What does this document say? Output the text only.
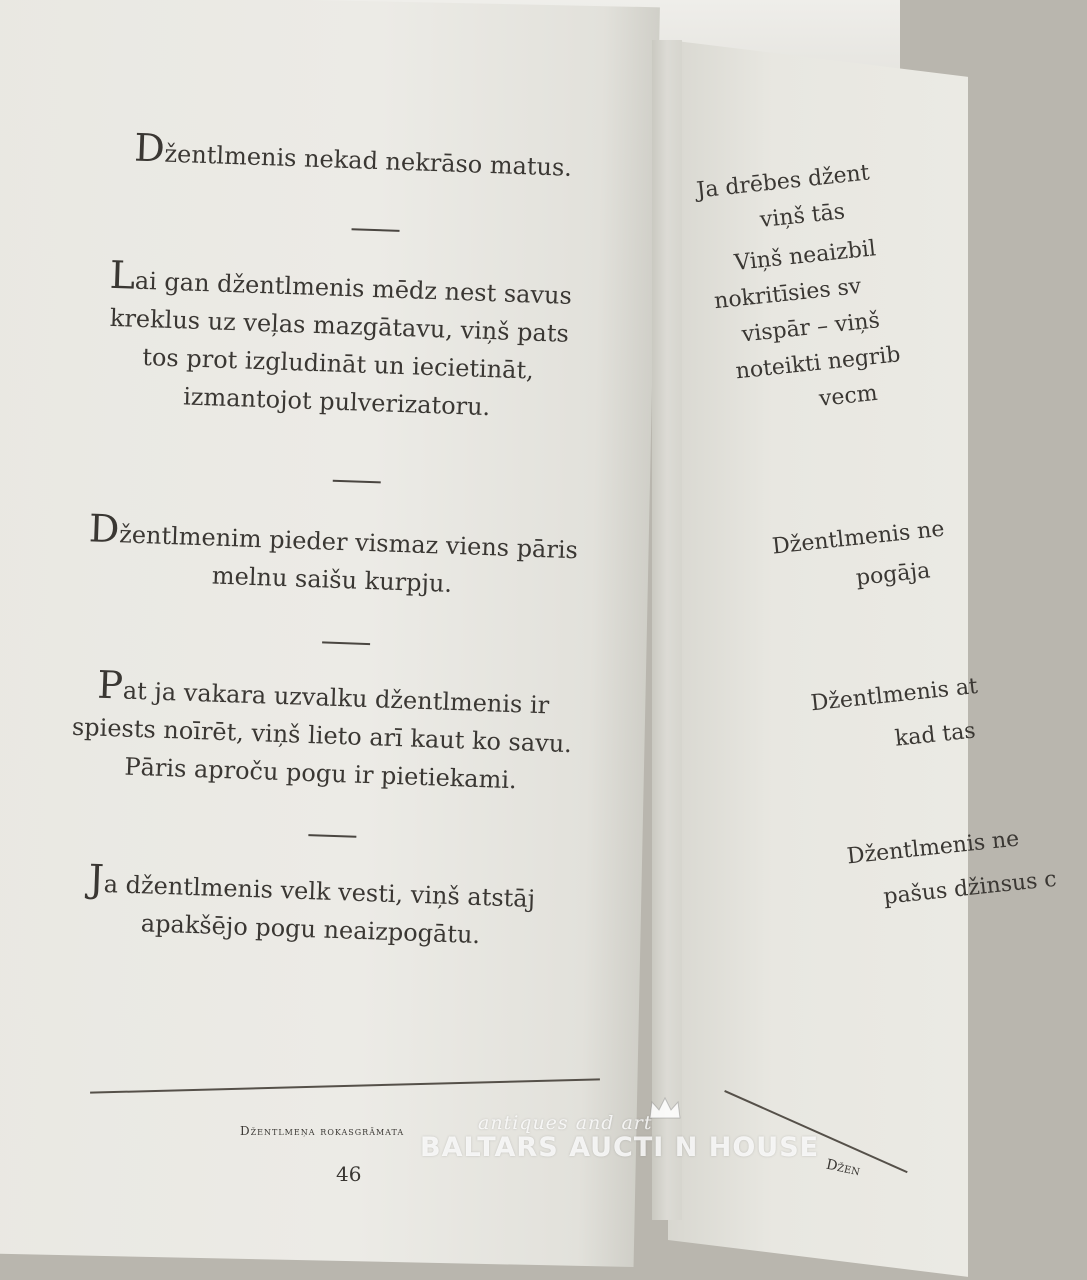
Džentlmenis nekad nekrāso matus.
Lai gan džentlmenis mēdz nest savus
kreklus uz veļas mazgātavu, viņš pats
tos prot izgludināt un iecietināt,
izmantojot pulverizatoru.
Džentlmenim pieder vismaz viens pāris
melnu saišu kurpju.
Pat ja vakara uzvalku džentlmenis ir
spiests noīrēt, viņš lieto arī kaut ko savu.
Pāris aproču pogu ir pietiekami.
Ja džentlmenis velk vesti, viņš atstāj
apakšējo pogu neaizpogātu.
Džentlmeņa rokasgrāmata
46
Ja drēbes džent
viņš tās
Viņš neaizbil
nokritīsies sv
vispār – viņš
noteikti negrib
vecm
Džentlmenis ne
pogāja
Džentlmenis at
kad tas
Džentlmenis ne
pašus džinsus c
Džen
antiques and art
BALTARS AUCTI N HOUSE
